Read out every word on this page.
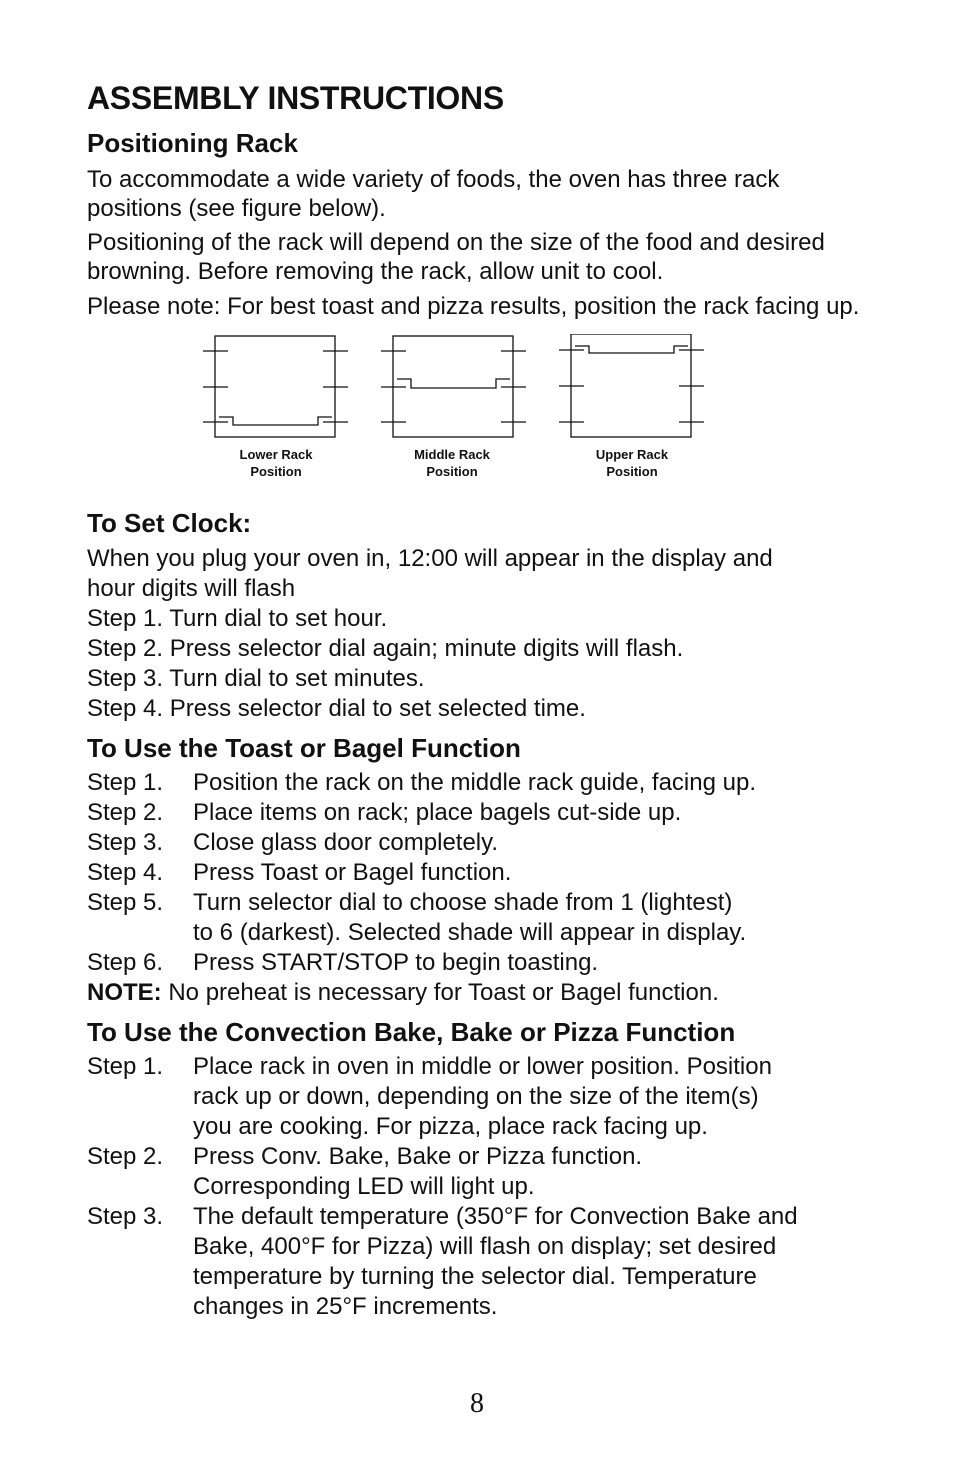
ASSEMBLY INSTRUCTIONS
Positioning Rack

To accommodate a wide variety of foods, the oven has three rack positions (see figure below).

Positioning of the rack will depend on the size of the food and desired browning. Before removing the rack, allow unit to cool.

Please note: For best toast and pizza results, position the rack facing up.

Lower Rack
Position
Middle Rack
Position
Upper Rack
Position
To Set Clock:

When you plug your oven in, 12:00 will appear in the display and

hour digits will flash

Step 1. Turn dial to set hour.

Step 2. Press selector dial again; minute digits will flash.

Step 3. Turn dial to set minutes.

Step 4. Press selector dial to set selected time.

To Use the Toast or Bagel Function
Step 1.	Position the rack on the middle rack guide, facing up.
Step 2.	Place items on rack; place bagels cut-side up.
Step 3.	Close glass door completely.
Step 4.	Press Toast or Bagel function.
Step 5.	Turn selector dial to choose shade from 1 (lightest)
to 6 (darkest). Selected shade will appear in display.
Step 6.	Press START/STOP to begin toasting.

NOTE: No preheat is necessary for Toast or Bagel function.

To Use the Convection Bake, Bake or Pizza Function
Step 1.	Place rack in oven in middle or lower position. Position
rack up or down, depending on the size of the item(s)
you are cooking. For pizza, place rack facing up.
Step 2.	Press Conv. Bake, Bake or Pizza function.
Corresponding LED will light up.
Step 3.	The default temperature (350°F for Convection Bake and
Bake, 400°F for Pizza) will flash on display; set desired
temperature by turning the selector dial. Temperature
changes in 25°F increments.
8
